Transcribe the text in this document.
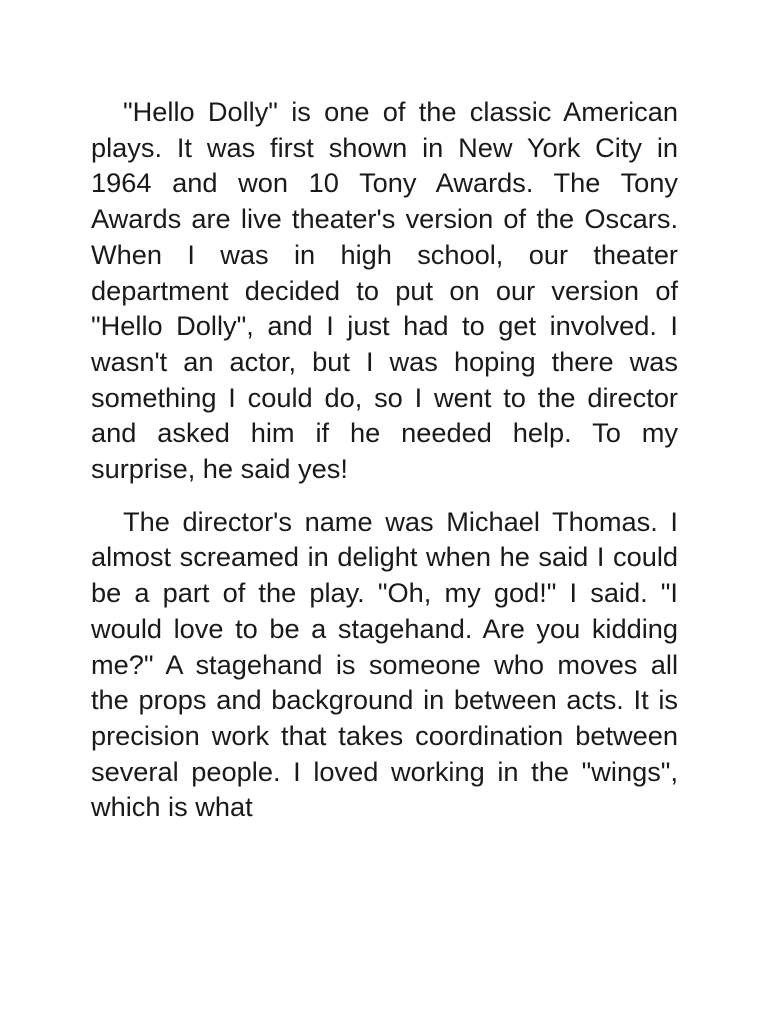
"Hello Dolly" is one of the classic American plays. It was first shown in New York City in 1964 and won 10 Tony Awards. The Tony Awards are live theater's version of the Oscars. When I was in high school, our theater department decided to put on our version of "Hello Dolly", and I just had to get involved. I wasn't an actor, but I was hoping there was something I could do, so I went to the director and asked him if he needed help. To my surprise, he said yes!

The director's name was Michael Thomas. I almost screamed in delight when he said I could be a part of the play. "Oh, my god!" I said. "I would love to be a stagehand. Are you kidding me?" A stagehand is someone who moves all the props and background in between acts. It is precision work that takes coordination between several people. I loved working in the "wings", which is what
